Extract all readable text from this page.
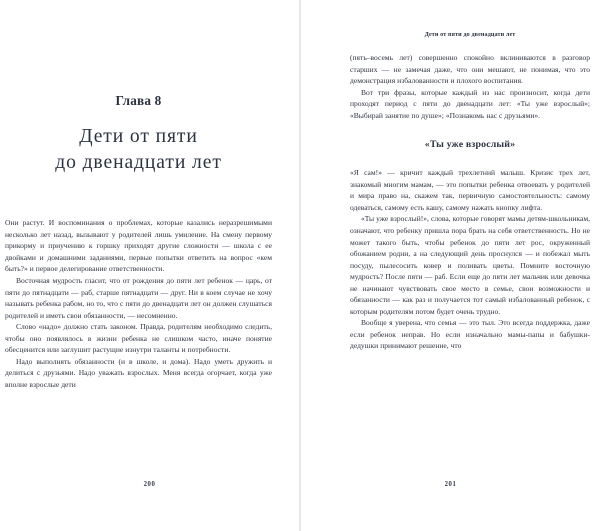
Глава 8
Дети от пяти
до двенадцати лет

Они растут. И воспоминания о проблемах, которые казались неразрешимыми несколько лет назад, вызывают у родителей лишь умиление. На смену первому прикорму и приучению к горшку приходят другие сложности — школа с ее двойками и домашними заданиями, первые попытки ответить на вопрос «кем быть?» и первое делегирование ответственности.

Восточная мудрость гласит, что от рождения до пяти лет ребенок — царь, от пяти до пятнадцати — раб, старше пятнадцати — друг. Ни в коем случае не хочу называть ребенка рабом, но то, что с пяти до двенадцати лет он должен слушаться родителей и иметь свои обязанности, — несомненно.

Слово «надо» должно стать законом. Правда, родителям необходимо следить, чтобы оно появлялось в жизни ребенка не слишком часто, иначе понятие обесценится или заглушит растущие изнутри таланты и потребности.

Надо выполнять обязанности (и в школе, и дома). Надо уметь дружить и делиться с друзьями. Надо уважать взрослых. Меня всегда огорчает, когда уже вполне взрослые дети

200
Дети от пяти до двенадцати лет

(пять–восемь лет) совершенно спокойно вклиниваются в разговор старших — не замечая даже, что они мешают, не понимая, что это демонстрация избалованности и плохого воспитания.

Вот три фразы, которые каждый из нас произносит, когда дети проходят период с пяти до двенадцати лет: «Ты уже взрослый»; «Выбирай занятие по душе»; «Познакомь нас с друзьями».

«Ты уже взрослый»

«Я сам!» — кричит каждый трехлетний малыш. Кризис трех лет, знакомый многим мамам, — это попытки ребенка отвоевать у родителей и мира право на, скажем так, первичную самостоятельность: самому одеваться, самому есть кашу, самому нажать кнопку лифта.

«Ты уже взрослый!», слова, которые говорят мамы детям-школьникам, означают, что ребенку пришла пора брать на себя ответственность. Но не может такого быть, чтобы ребенок до пяти лет рос, окруженный обожанием родни, а на следующий день проснулся — и побежал мыть посуду, пылесосить ковер и поливать цветы. Помните восточную мудрость? После пяти — раб. Если еще до пяти лет мальчик или девочка не начинают чувствовать свое место в семье, свои возможности и обязанности — как раз и получается тот самый избалованный ребенок, с которым родителям потом будет очень трудно.

Вообще я уверена, что семья — это тыл. Это всегда поддержка, даже если ребенок неправ. Но если изначально мамы-папы и бабушки-дедушки принимают решение, что

201
